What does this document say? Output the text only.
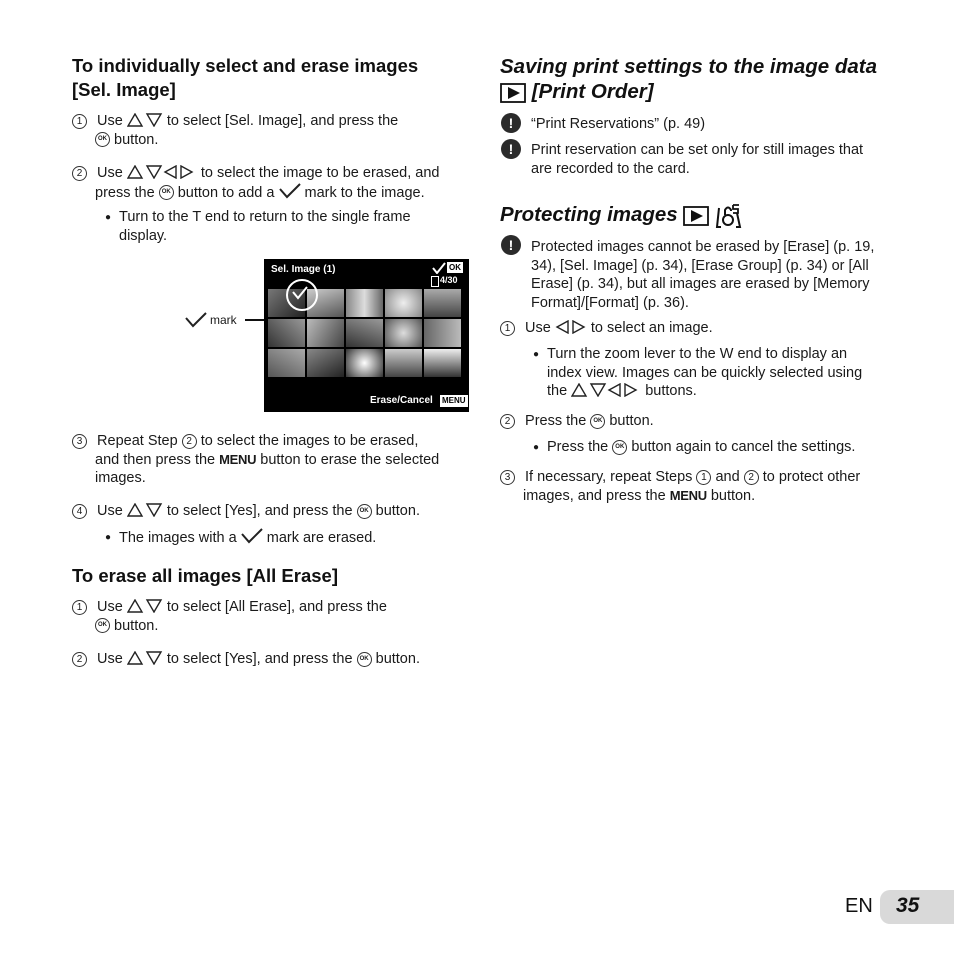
To individually select and erase images
[Sel. Image]
1 Use	to select [Sel. Image], and press the
OK button.
2 Use	to select the image to be erased, and
press the OK button to add a mark to the image.
● Turn to the T end to return to the single frame
display.
mark
Sel. Image (1)	OK
4/30
Erase/Cancel MENU
3 Repeat Step 2 to select the images to be erased,
and then press the MENU button to erase the selected
images.
4 Use	to select [Yes], and press the OK button.
● The images with a mark are erased.
To erase all images [All Erase]
1 Use	to select [All Erase], and press the
OK button.
2 Use	to select [Yes], and press the OK button.
Saving print settings to the image data
[Print Order]
!	“Print Reservations” (p. 49)
!	Print reservation can be set only for still images that
are recorded to the card.
Protecting images
!	Protected images cannot be erased by [Erase] (p. 19,
34), [Sel. Image] (p. 34), [Erase Group] (p. 34) or [All
Erase] (p. 34), but all images are erased by [Memory
Format]/[Format] (p. 36).
1 Use	to select an image.
● Turn the zoom lever to the W end to display an
index view. Images can be quickly selected using
the	buttons.
2 Press the OK button.
● Press the OK button again to cancel the settings.
3 If necessary, repeat Steps 1 and 2 to protect other
images, and press the MENU button.
EN 35
